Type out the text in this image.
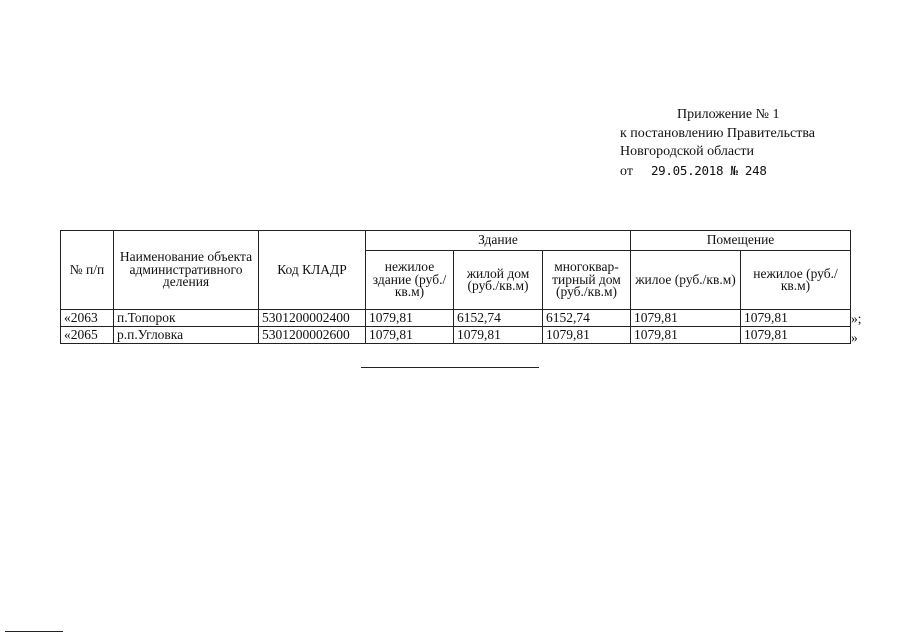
Приложение № 1
к постановлению Правительства
Новгородской области
от 29.05.2018 № 248
№ п/п	Наименование объекта административного деления	Код КЛАДР	Здание			Помещение	
			нежилое здание (руб./кв.м)	жилой дом (руб./кв.м)	многоквар-тирный дом (руб./кв.м)	жилое (руб./кв.м)	нежилое (руб./кв.м)
«2063	п.Топорок	5301200002400	1079,81	6152,74	6152,74	1079,81	1079,81
«2065	р.п.Угловка	5301200002600	1079,81	1079,81	1079,81	1079,81	1079,81
»;
»
